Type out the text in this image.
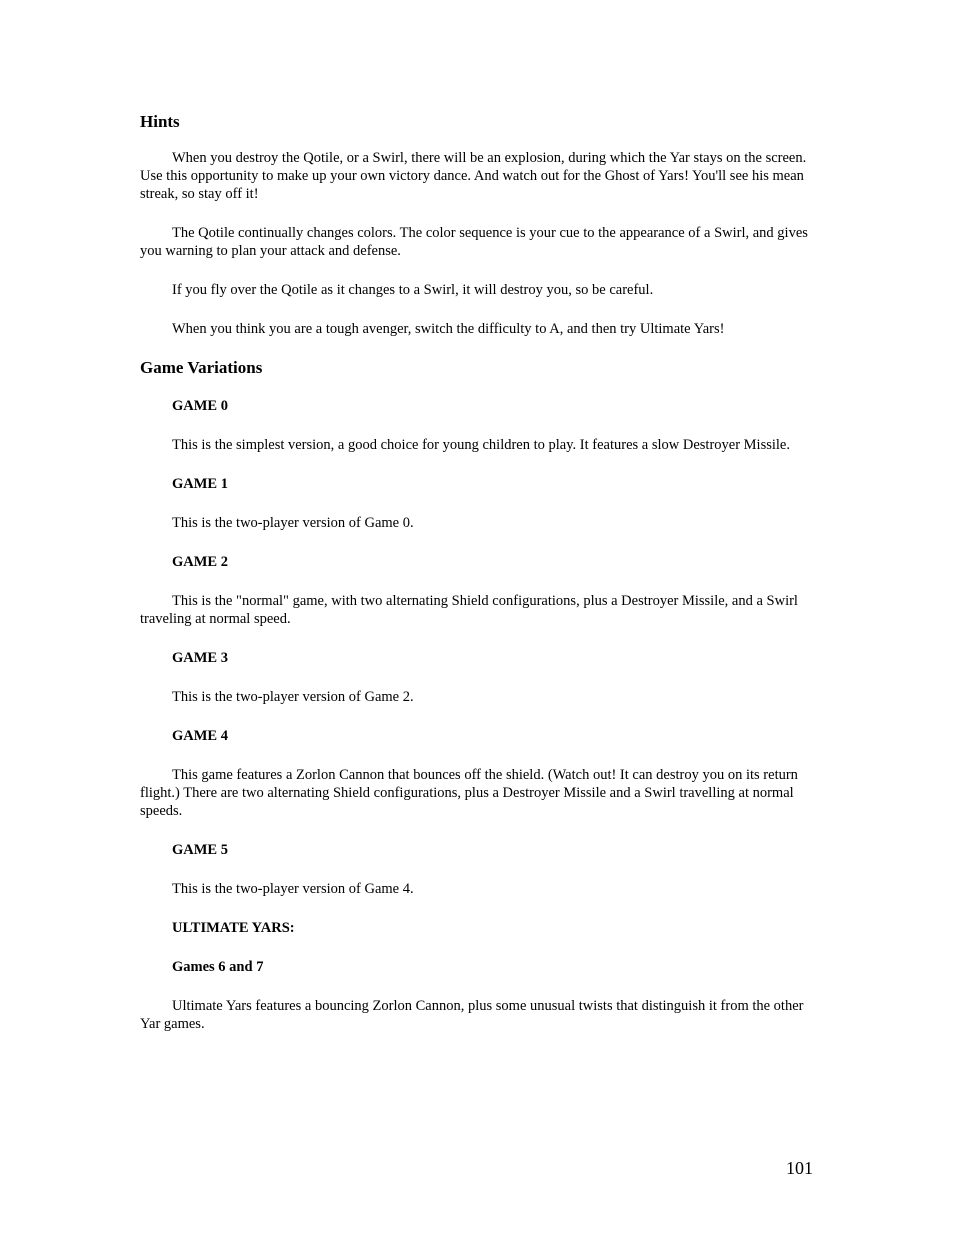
Hints

When you destroy the Qotile, or a Swirl, there will be an explosion, during which the Yar stays on the screen. Use this opportunity to make up your own victory dance. And watch out for the Ghost of Yars! You'll see his mean streak, so stay off it!

The Qotile continually changes colors. The color sequence is your cue to the appearance of a Swirl, and gives you warning to plan your attack and defense.

If you fly over the Qotile as it changes to a Swirl, it will destroy you, so be careful.

When you think you are a tough avenger, switch the difficulty to A, and then try Ultimate Yars!

Game Variations
GAME 0

This is the simplest version, a good choice for young children to play. It features a slow Destroyer Missile.

GAME 1

This is the two-player version of Game 0.

GAME 2

This is the "normal" game, with two alternating Shield configurations, plus a Destroyer Missile, and a Swirl traveling at normal speed.

GAME 3

This is the two-player version of Game 2.

GAME 4

This game features a Zorlon Cannon that bounces off the shield. (Watch out! It can destroy you on its return flight.) There are two alternating Shield configurations, plus a Destroyer Missile and a Swirl travelling at normal speeds.

GAME 5

This is the two-player version of Game 4.

ULTIMATE YARS:
Games 6 and 7

Ultimate Yars features a bouncing Zorlon Cannon, plus some unusual twists that distinguish it from the other Yar games.

101
